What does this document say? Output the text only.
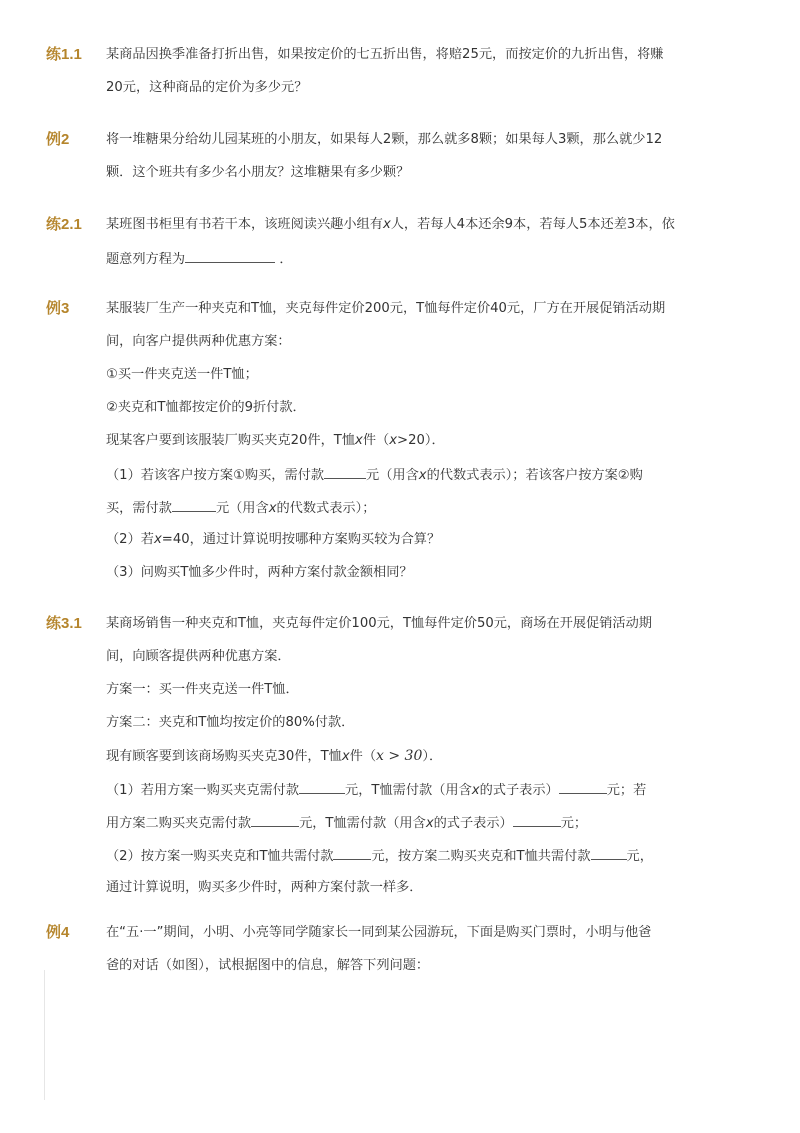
练1.1 某商品因换季准备打折出售，如果按定价的七五折出售，将赔25元，而按定价的九折出售，将赚
20元，这种商品的定价为多少元？
例2	将一堆糖果分给幼儿园某班的小朋友，如果每人2颗，那么就多8颗；如果每人3颗，那么就少12
颗．这个班共有多少名小朋友？这堆糖果有多少颗？
练2.1 某班图书柜里有书若干本，该班阅读兴趣小组有x人，若每人4本还余9本，若每人5本还差3本，依
题意列方程为	．
例3	某服装厂生产一种夹克和T恤，夹克每件定价200元，T恤每件定价40元，厂方在开展促销活动期
间，向客户提供两种优惠方案：
①买一件夹克送一件T恤；
②夹克和T恤都按定价的9折付款．
现某客户要到该服装厂购买夹克20件，T恤x件（x>20）．
（1）若该客户按方案①购买，需付款	元（用含x的代数式表示）；若该客户按方案②购
买，需付款	元（用含x的代数式表示）；
（2）若x=40，通过计算说明按哪种方案购买较为合算？
（3）问购买T恤多少件时，两种方案付款金额相同？
练3.1 某商场销售一种夹克和T恤，夹克每件定价100元，T恤每件定价50元，商场在开展促销活动期
间，向顾客提供两种优惠方案．
方案一：买一件夹克送一件T恤．
方案二：夹克和T恤均按定价的80%付款．
现有顾客要到该商场购买夹克30件，T恤x件（x > 30）．
（1）若用方案一购买夹克需付款	元，T恤需付款（用含x的式子表示）	元；若
用方案二购买夹克需付款	元，T恤需付款（用含x的式子表示）	元；
（2）按方案一购买夹克和T恤共需付款	元，按方案二购买夹克和T恤共需付款	元，
通过计算说明，购买多少件时，两种方案付款一样多．
例4	在“五·一”期间，小明、小亮等同学随家长一同到某公园游玩，下面是购买门票时，小明与他爸
爸的对话（如图），试根据图中的信息，解答下列问题：
